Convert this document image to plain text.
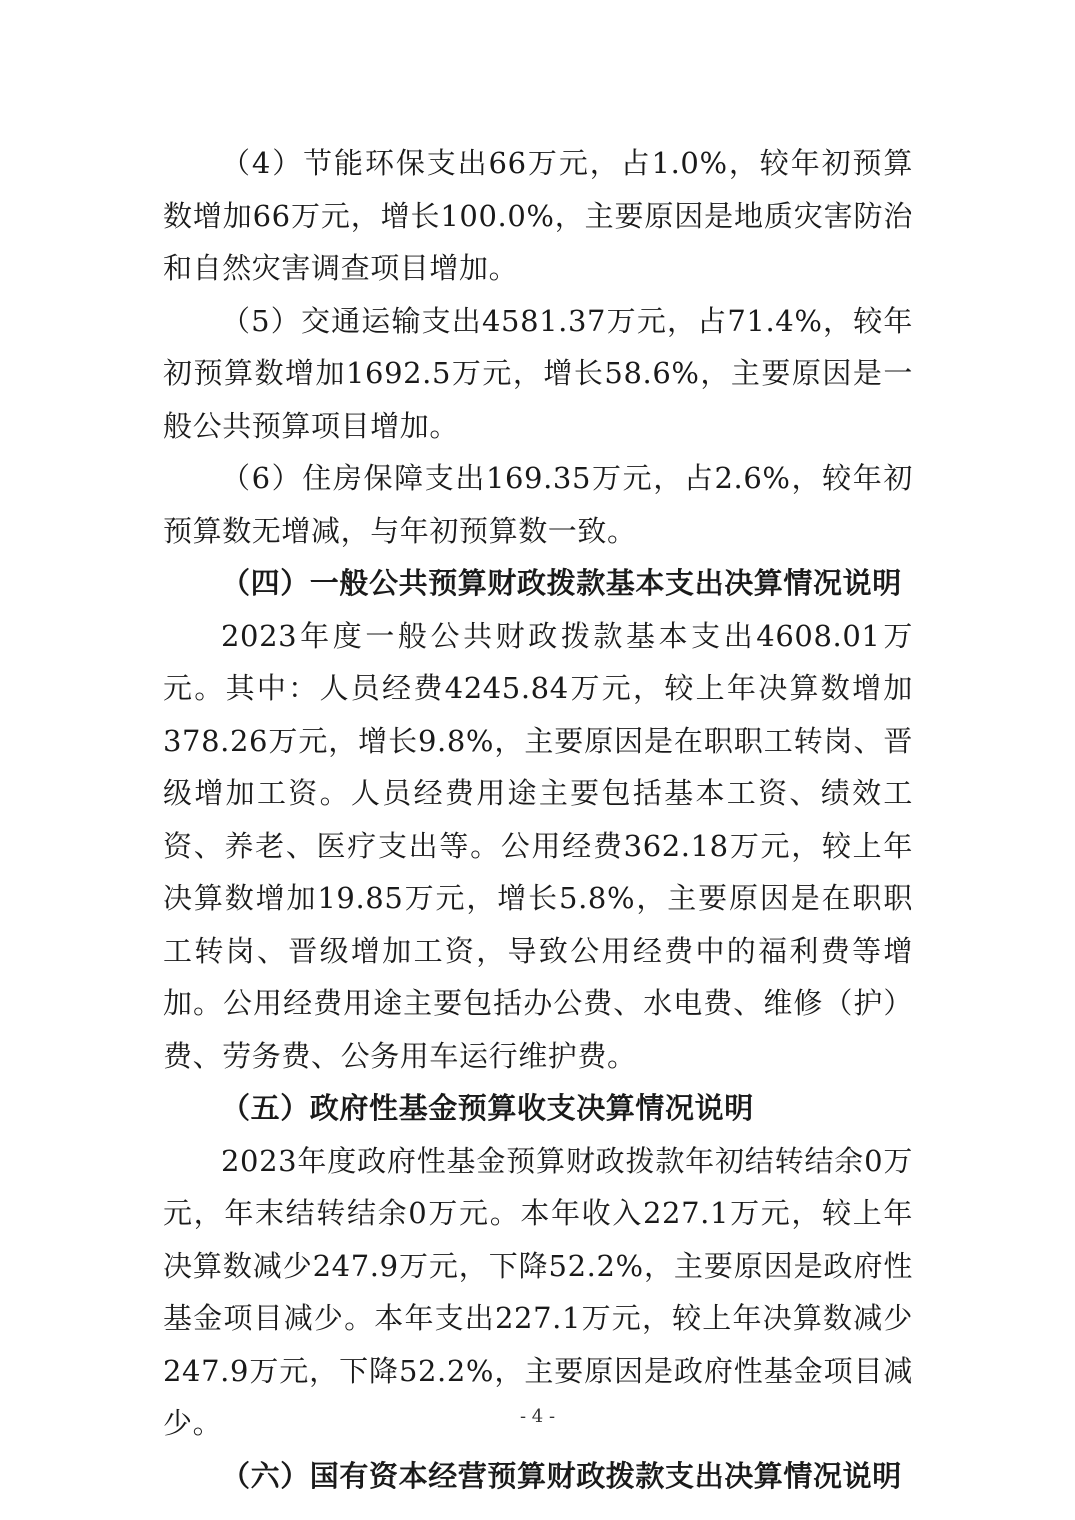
（4）节能环保支出66万元，占1.0%，较年初预算数增加66万元，增长100.0%，主要原因是地质灾害防治和自然灾害调查项目增加。

（5）交通运输支出4581.37万元，占71.4%，较年初预算数增加1692.5万元，增长58.6%，主要原因是一般公共预算项目增加。

（6）住房保障支出169.35万元，占2.6%，较年初预算数无增减，与年初预算数一致。

（四）一般公共预算财政拨款基本支出决算情况说明

2023年度一般公共财政拨款基本支出4608.01万元。其中：人员经费4245.84万元，较上年决算数增加378.26万元，增长9.8%，主要原因是在职职工转岗、晋级增加工资。人员经费用途主要包括基本工资、绩效工资、养老、医疗支出等。公用经费362.18万元，较上年决算数增加19.85万元，增长5.8%，主要原因是在职职工转岗、晋级增加工资，导致公用经费中的福利费等增加。公用经费用途主要包括办公费、水电费、维修（护）费、劳务费、公务用车运行维护费。

（五）政府性基金预算收支决算情况说明

2023年度政府性基金预算财政拨款年初结转结余0万元，年末结转结余0万元。本年收入227.1万元，较上年决算数减少247.9万元，下降52.2%，主要原因是政府性基金项目减少。本年支出227.1万元，较上年决算数减少247.9万元，下降52.2%，主要原因是政府性基金项目减少。

（六）国有资本经营预算财政拨款支出决算情况说明

- 4 -
